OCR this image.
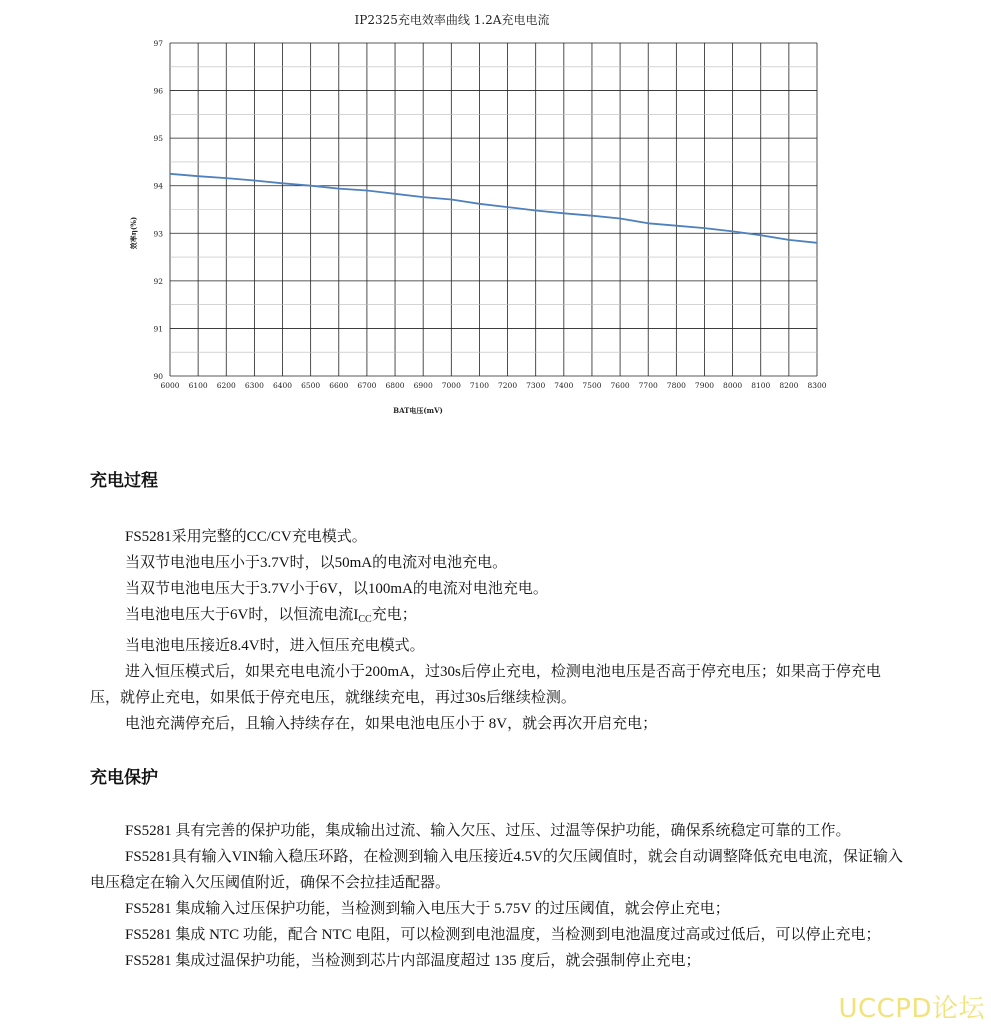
IP2325充电效率曲线 1.2A充电电流
90
91
92
93
94
95
96
97
6000 6100 6200 6300 6400 6500 6600 6700 6800 6900 7000 7100 7200 7300 7400 7500 7600 7700 7800 7900 8000 8100 8200 8300
效率η(%)
BAT电压(mV)
充电过程

FS5281采用完整的CC/CV充电模式。

当双节电池电压小于3.7V时，以50mA的电流对电池充电。

当双节电池电压大于3.7V小于6V，以100mA的电流对电池充电。

当电池电压大于6V时，以恒流电流$I_{CC}$充电；

当电池电压接近8.4V时，进入恒压充电模式。

进入恒压模式后，如果充电电流小于200mA，过30s后停止充电，检测电池电压是否高于停充电压；如果高于停充电压，就停止充电，如果低于停充电压，就继续充电，再过30s后继续检测。

电池充满停充后，且输入持续存在，如果电池电压小于 8V，就会再次开启充电；

充电保护

FS5281 具有完善的保护功能，集成输出过流、输入欠压、过压、过温等保护功能，确保系统稳定可靠的工作。

FS5281具有输入VIN输入稳压环路，在检测到输入电压接近4.5V的欠压阈值时，就会自动调整降低充电电流，保证输入电压稳定在输入欠压阈值附近，确保不会拉挂适配器。

FS5281 集成输入过压保护功能，当检测到输入电压大于 5.75V 的过压阈值，就会停止充电；

FS5281 集成 NTC 功能，配合 NTC 电阻，可以检测到电池温度，当检测到电池温度过高或过低后，可以停止充电；

FS5281 集成过温保护功能，当检测到芯片内部温度超过 135 度后，就会强制停止充电；

UCCPD论坛
